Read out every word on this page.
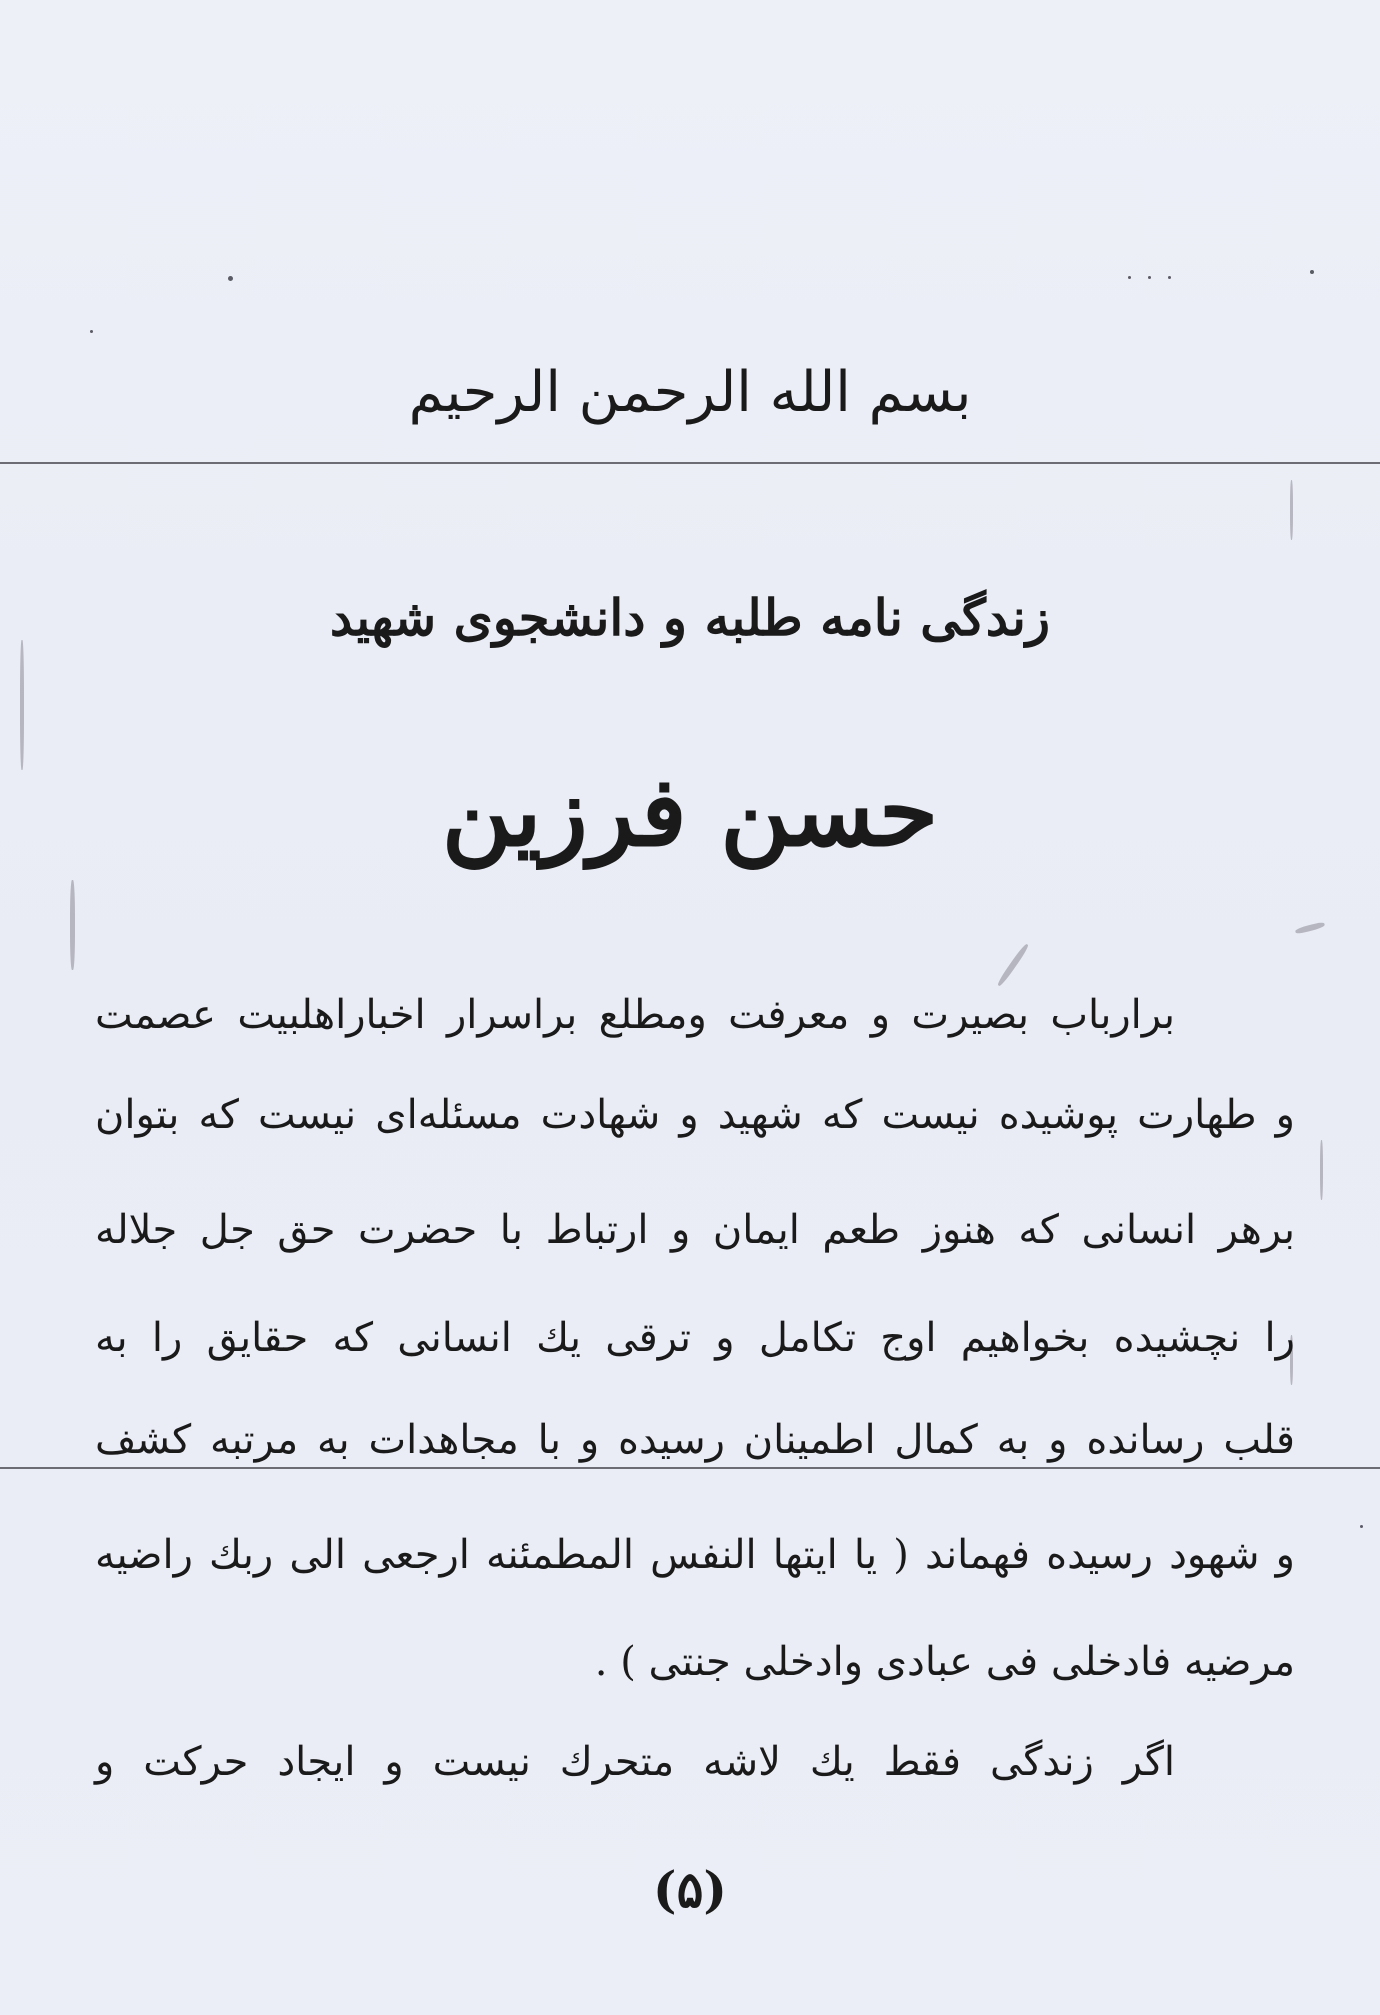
بسم الله الرحمن الرحیم
زندگی نامه طلبه و دانشجوی شهید
حسن فرزین
برارباب بصیرت و معرفت ومطلع براسرار اخباراهلبیت عصمت
و طهارت پوشیده نیست که شهید و شهادت مسئله‌ای نیست که بتوان
برهر انسانی که هنوز طعم ایمان و ارتباط با حضرت حق جل جلاله
را نچشیده بخواهیم اوج تکامل و ترقی یك انسانی که حقایق را به
قلب رسانده و به کمال اطمینان رسیده و با مجاهدات به مرتبه کشف
و شهود رسیده فهماند ( یا ایتها النفس المطمئنه ارجعی الی ربك راضیه
مرضیه فادخلی فی عبادی وادخلی جنتی ) .
اگر زندگی فقط یك لاشه متحرك نیست و ایجاد حرکت و
(۵)
